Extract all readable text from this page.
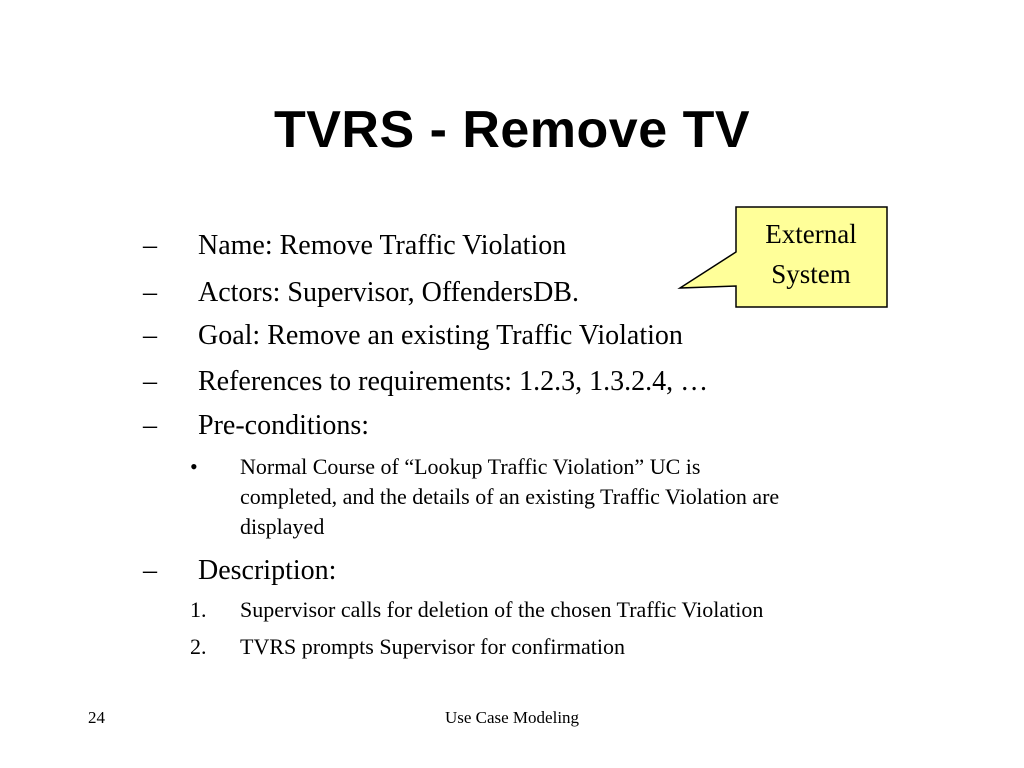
TVRS - Remove TV
External
System
– Name: Remove Traffic Violation
– Actors: Supervisor, OffendersDB.
– Goal: Remove an existing Traffic Violation
– References to requirements: 1.2.3, 1.3.2.4, …
– Pre-conditions:
• Normal Course of “Lookup Traffic Violation” UC is
completed, and the details of an existing Traffic Violation are
displayed
– Description:
1. Supervisor calls for deletion of the chosen Traffic Violation
2. TVRS prompts Supervisor for confirmation
24	Use Case Modeling
